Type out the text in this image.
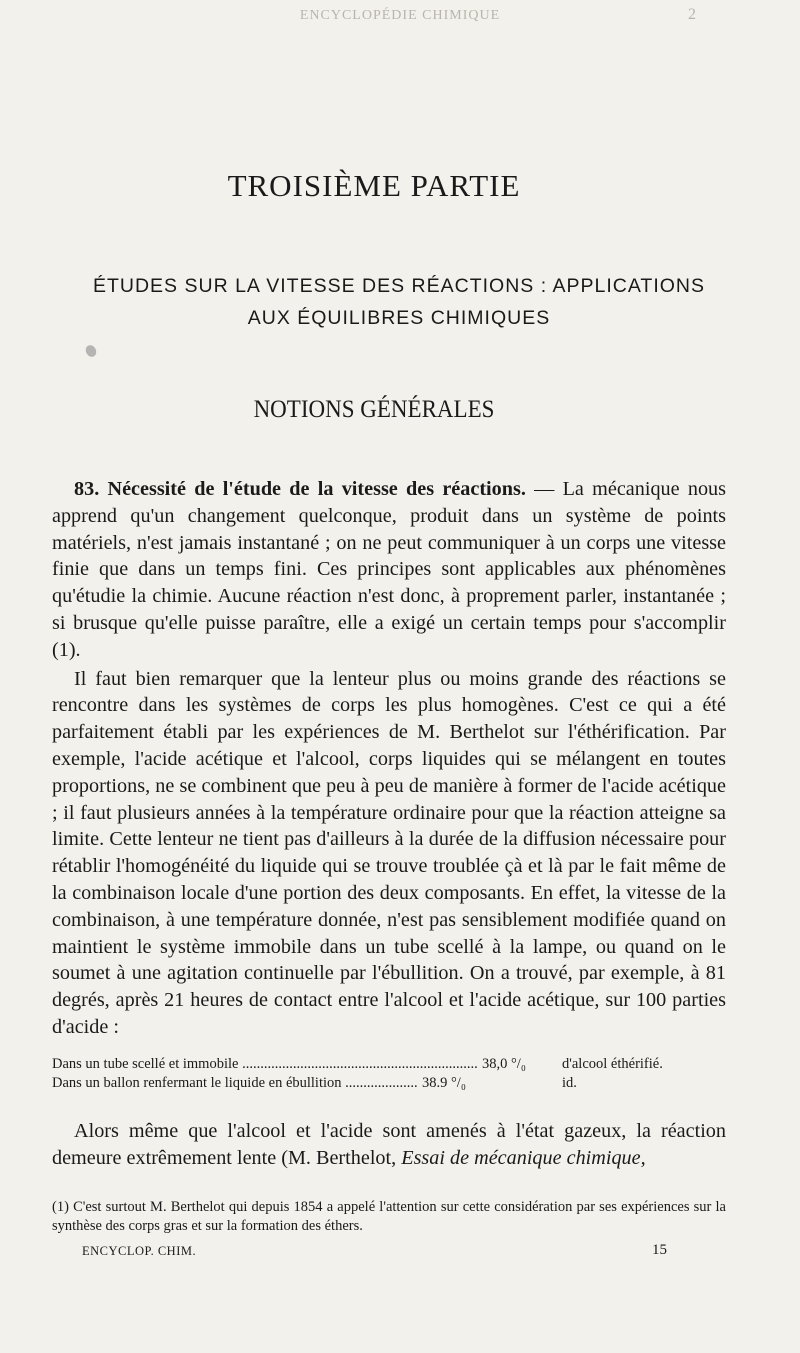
ENCYCLOPÉDIE CHIMIQUE	2
TROISIÈME PARTIE
ÉTUDES SUR LA VITESSE DES RÉACTIONS : APPLICATIONS
AUX ÉQUILIBRES CHIMIQUES
NOTIONS GÉNÉRALES

83. Nécessité de l'étude de la vitesse des réactions. — La mécanique nous apprend qu'un changement quelconque, produit dans un système de points matériels, n'est jamais instantané ; on ne peut communiquer à un corps une vitesse finie que dans un temps fini. Ces principes sont applicables aux phénomènes qu'étudie la chimie. Aucune réaction n'est donc, à proprement parler, instantanée ; si brusque qu'elle puisse paraître, elle a exigé un certain temps pour s'accomplir (1).

Il faut bien remarquer que la lenteur plus ou moins grande des réactions se rencontre dans les systèmes de corps les plus homogènes. C'est ce qui a été parfaitement établi par les expériences de M. Berthelot sur l'éthérification. Par exemple, l'acide acétique et l'alcool, corps liquides qui se mélangent en toutes proportions, ne se combinent que peu à peu de manière à former de l'acide acétique ; il faut plusieurs années à la température ordinaire pour que la réaction atteigne sa limite. Cette lenteur ne tient pas d'ailleurs à la durée de la diffusion nécessaire pour rétablir l'homogénéité du liquide qui se trouve troublée çà et là par le fait même de la combinaison locale d'une portion des deux composants. En effet, la vitesse de la combinaison, à une température donnée, n'est pas sensiblement modifiée quand on maintient le système immobile dans un tube scellé à la lampe, ou quand on le soumet à une agitation continuelle par l'ébullition. On a trouvé, par exemple, à 81 degrés, après 21 heures de contact entre l'alcool et l'acide acétique, sur 100 parties d'acide :

Dans un tube scellé et immobile .....	38,0 °/₀	d'alcool éthérifié.
Dans un ballon renfermant le liquide en ébullition .....	38.9 °/₀	id.

Alors même que l'alcool et l'acide sont amenés à l'état gazeux, la réaction demeure extrêmement lente (M. Berthelot, Essai de mécanique chimique,

(1) C'est surtout M. Berthelot qui depuis 1854 a appelé l'attention sur cette considération par ses expériences sur la synthèse des corps gras et sur la formation des éthers.
ENCYCLOP. CHIM.	15
